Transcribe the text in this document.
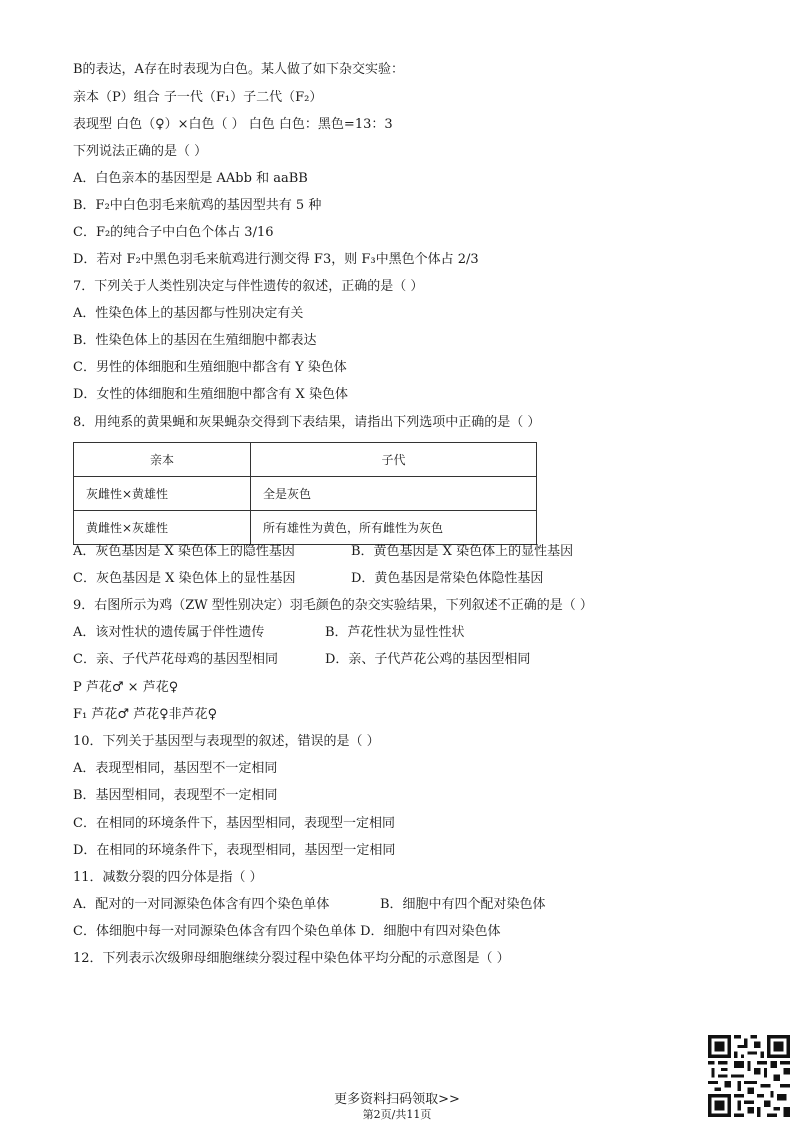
B的表达，A存在时表现为白色。某人做了如下杂交实验：
亲本（P）组合 子一代（F₁）子二代（F₂）
表现型 白色（♀）×白色（ ） 白色 白色：黑色=13：3
下列说法正确的是（ ）
A．白色亲本的基因型是 AAbb 和 aaBB
B．F₂中白色羽毛来航鸡的基因型共有 5 种
C．F₂的纯合子中白色个体占 3/16
D．若对 F₂中黑色羽毛来航鸡进行测交得 F3，则 F₃中黑色个体占 2/3
7．下列关于人类性别决定与伴性遗传的叙述，正确的是（ ）
A．性染色体上的基因都与性别决定有关
B．性染色体上的基因在生殖细胞中都表达
C．男性的体细胞和生殖细胞中都含有 Y 染色体
D．女性的体细胞和生殖细胞中都含有 X 染色体
8．用纯系的黄果蝇和灰果蝇杂交得到下表结果，请指出下列选项中正确的是（ ）
亲本	子代
灰雌性×黄雄性	全是灰色
黄雌性×灰雄性	所有雄性为黄色，所有雌性为灰色
A．灰色基因是 X 染色体上的隐性基因	B．黄色基因是 X 染色体上的显性基因
C．灰色基因是 X 染色体上的显性基因	D．黄色基因是常染色体隐性基因
9．右图所示为鸡（ZW 型性别决定）羽毛颜色的杂交实验结果，下列叙述不正确的是（ ）
A．该对性状的遗传属于伴性遗传	B．芦花性状为显性性状
C．亲、子代芦花母鸡的基因型相同	D．亲、子代芦花公鸡的基因型相同
P 芦花♂ × 芦花♀
F₁ 芦花♂ 芦花♀非芦花♀
10．下列关于基因型与表现型的叙述，错误的是（ ）
A．表现型相同，基因型不一定相同
B．基因型相同，表现型不一定相同
C．在相同的环境条件下，基因型相同，表现型一定相同
D．在相同的环境条件下，表现型相同，基因型一定相同
11．减数分裂的四分体是指（ ）
A．配对的一对同源染色体含有四个染色单体	B．细胞中有四个配对染色体
C．体细胞中每一对同源染色体含有四个染色单体 D．细胞中有四对染色体
12．下列表示次级卵母细胞继续分裂过程中染色体平均分配的示意图是（ ）
更多资料扫码领取>>
第2页/共11页
